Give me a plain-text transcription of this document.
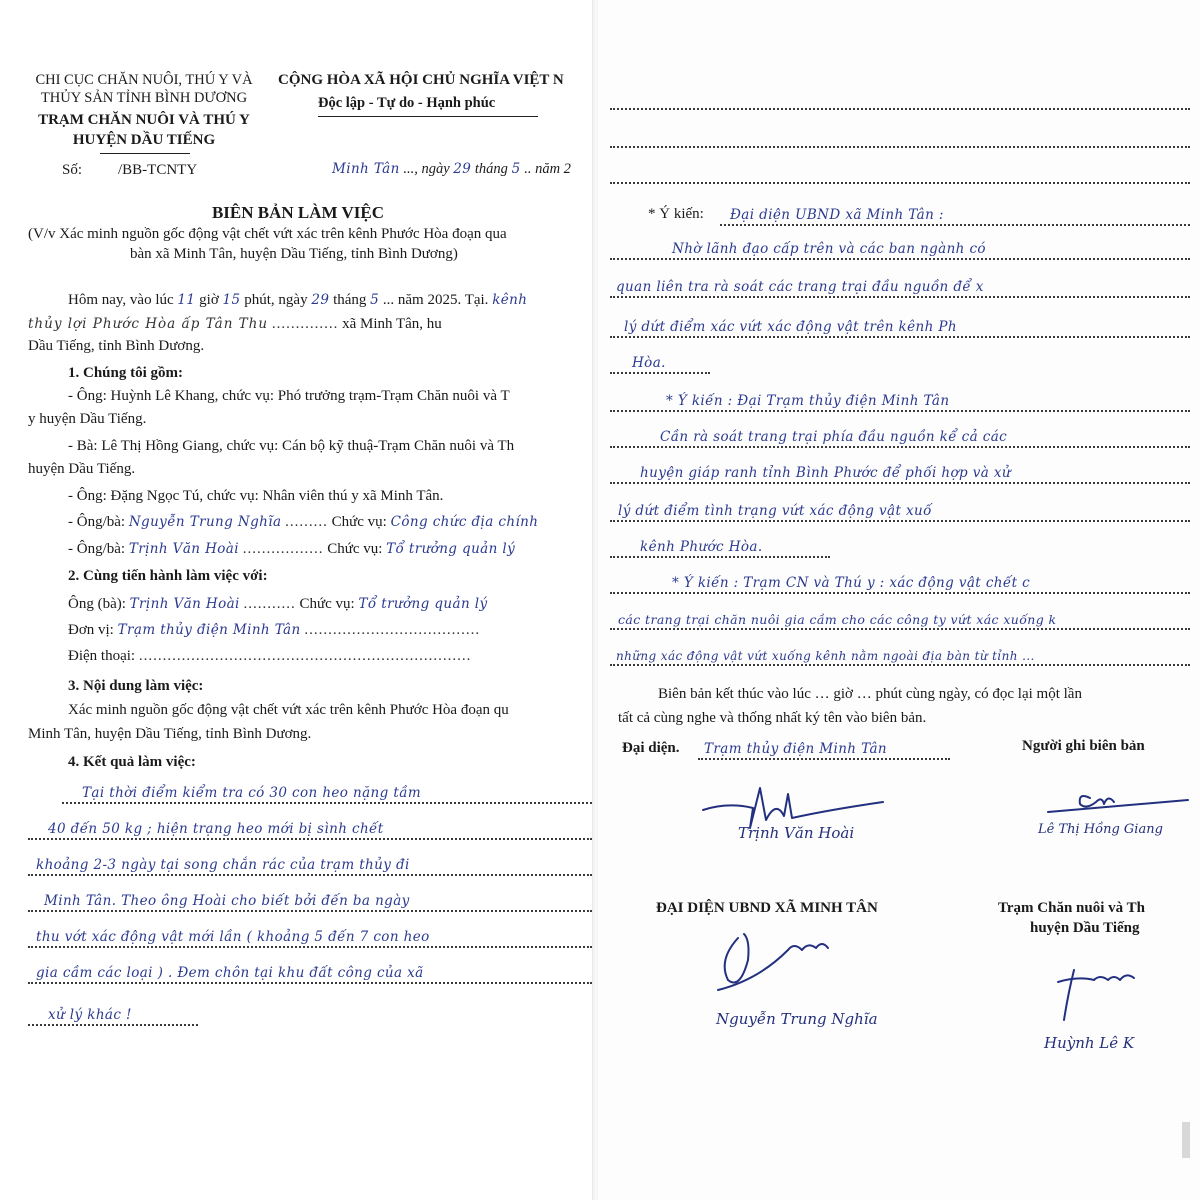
CHI CỤC CHĂN NUÔI, THÚ Y VÀ
THỦY SẢN TỈNH BÌNH DƯƠNG
TRẠM CHĂN NUÔI VÀ THÚ Y
HUYỆN DẦU TIẾNG
Số: /BB-TCNTY
CỘNG HÒA XÃ HỘI CHỦ NGHĨA VIỆT N
Độc lập - Tự do - Hạnh phúc
Minh Tân ..., ngày 29 tháng 5 .. năm 2
BIÊN BẢN LÀM VIỆC
(V/v Xác minh nguồn gốc động vật chết vứt xác trên kênh Phước Hòa đoạn qua
bàn xã Minh Tân, huyện Dầu Tiếng, tỉnh Bình Dương)
Hôm nay, vào lúc 11 giờ 15 phút, ngày 29 tháng 5 ... năm 2025. Tại. kênh
thủy lợi Phước Hòa ấp Tân Thu .............. xã Minh Tân, hu
Dầu Tiếng, tỉnh Bình Dương.
1. Chúng tôi gồm:
- Ông: Huỳnh Lê Khang, chức vụ: Phó trưởng trạm-Trạm Chăn nuôi và T
y huyện Dầu Tiếng.
- Bà: Lê Thị Hồng Giang, chức vụ: Cán bộ kỹ thuậ-Trạm Chăn nuôi và Th
huyện Dầu Tiếng.
- Ông: Đặng Ngọc Tú, chức vụ: Nhân viên thú y xã Minh Tân.
- Ông/bà: Nguyễn Trung Nghĩa ......... Chức vụ: Công chức địa chính
- Ông/bà: Trịnh Văn Hoài ................. Chức vụ: Tổ trưởng quản lý
2. Cùng tiến hành làm việc với:
Ông (bà): Trịnh Văn Hoài ........... Chức vụ: Tổ trưởng quản lý
Đơn vị: Trạm thủy điện Minh Tân .....................................
Điện thoại: ......................................................................
3. Nội dung làm việc:
Xác minh nguồn gốc động vật chết vứt xác trên kênh Phước Hòa đoạn qu
Minh Tân, huyện Dầu Tiếng, tỉnh Bình Dương.
4. Kết quả làm việc:
Tại thời điểm kiểm tra có 30 con heo nặng tầm
40 đến 50 kg ; hiện trạng heo mới bị sình chết
khoảng 2-3 ngày tại song chắn rác của trạm thủy đi
Minh Tân. Theo ông Hoài cho biết bởi đến ba ngày
thu vớt xác động vật mới lần ( khoảng 5 đến 7 con heo
gia cầm các loại ) . Đem chôn tại khu đất công của xã
xử lý khác !
* Ý kiến: Đại diện UBND xã Minh Tân :
Nhờ lãnh đạo cấp trên và các ban ngành có
quan liên tra rà soát các trang trại đầu nguồn để x
lý dứt điểm xác vứt xác động vật trên kênh Ph
Hòa.
* Ý kiến : Đại Trạm thủy điện Minh Tân
Cần rà soát trang trại phía đầu nguồn kể cả các
huyện giáp ranh tỉnh Bình Phước để phối hợp và xử
lý dứt điểm tình trạng vứt xác động vật xuố
kênh Phước Hòa.
* Ý kiến : Trạm CN và Thú y : xác động vật chết c
các trang trại chăn nuôi gia cầm cho các công ty vứt xác xuống k
những xác động vật vứt xuống kênh nằm ngoài địa bàn từ tỉnh ...
Biên bản kết thúc vào lúc … giờ … phút cùng ngày, có đọc lại một lần
tất cả cùng nghe và thống nhất ký tên vào biên bản.
Đại diện. Trạm thủy điện Minh Tân	Người ghi biên bản
Trịnh Văn Hoài	Lê Thị Hồng Giang
ĐẠI DIỆN UBND XÃ MINH TÂN
Nguyễn Trung Nghĩa
Trạm Chăn nuôi và Th
huyện Dầu Tiếng
Huỳnh Lê K
